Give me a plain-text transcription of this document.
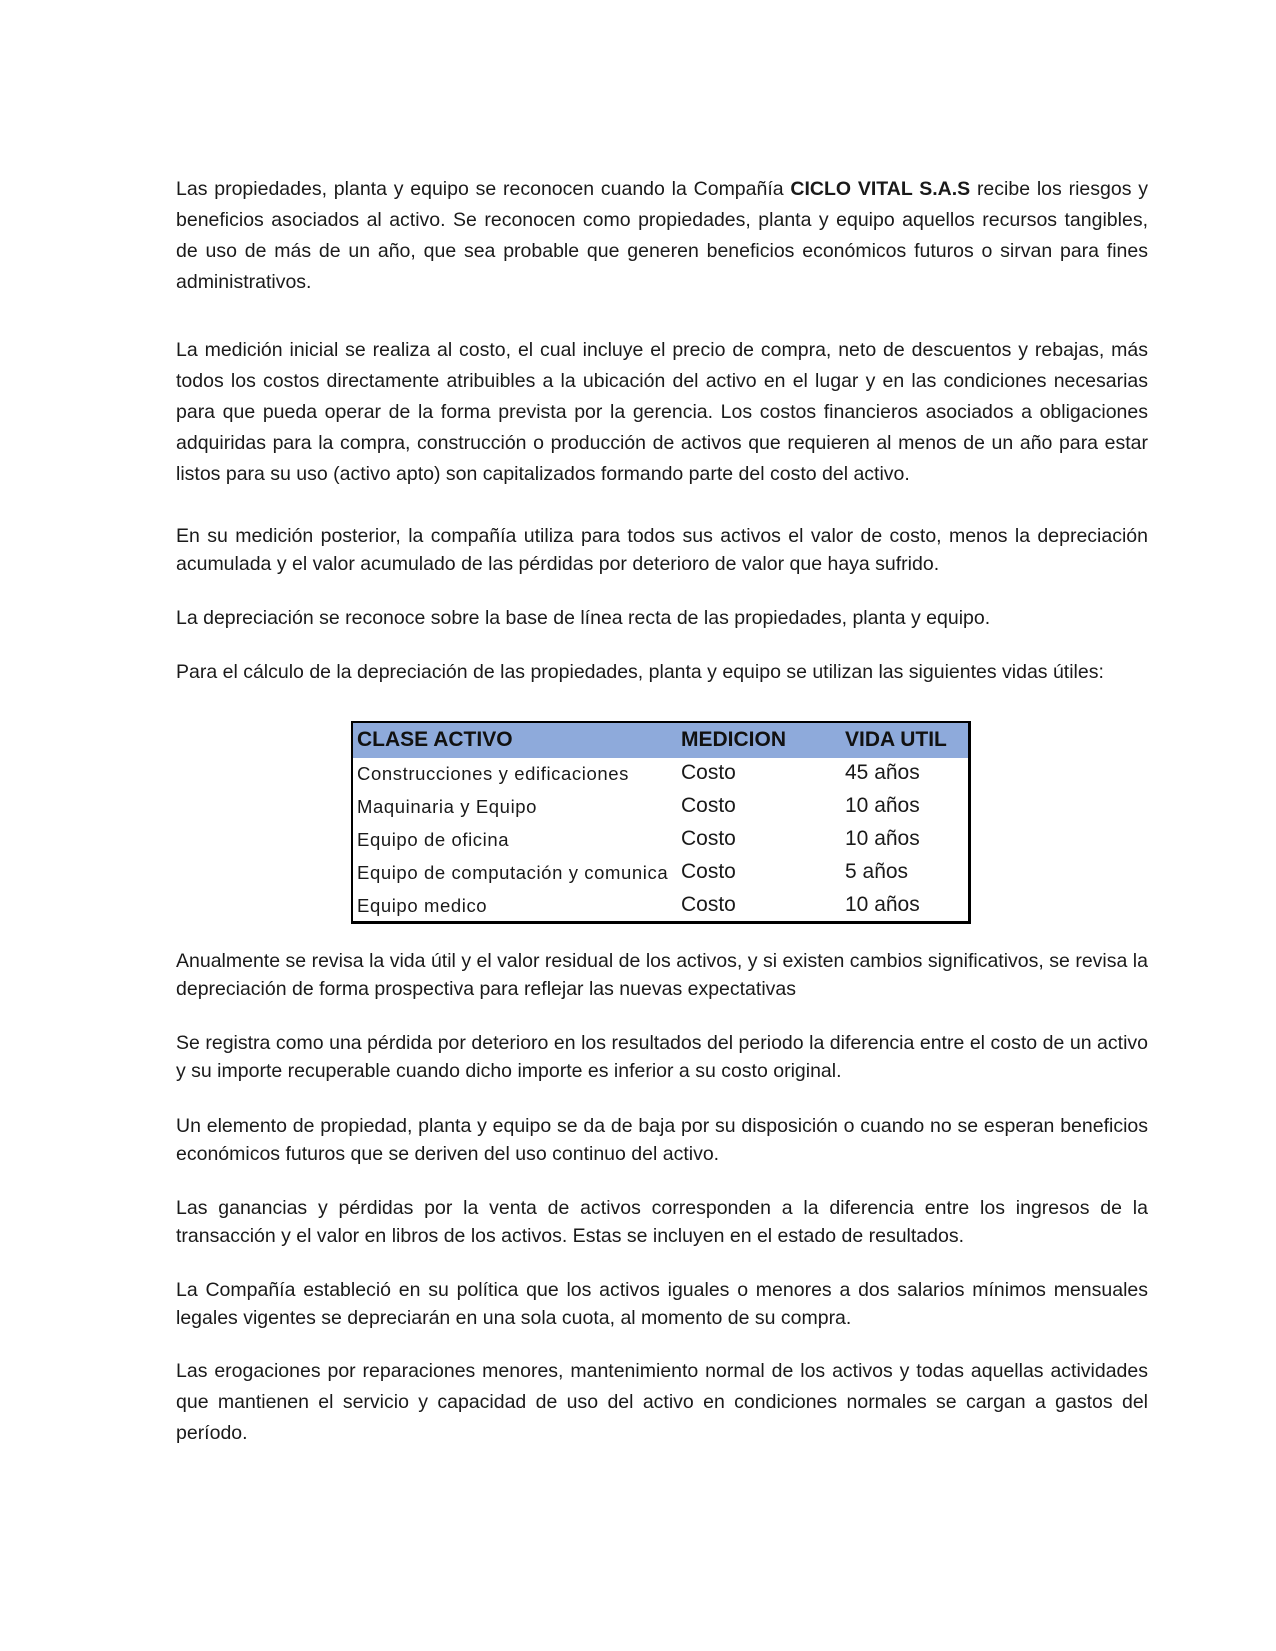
Las propiedades, planta y equipo se reconocen cuando la Compañía CICLO VITAL S.A.S recibe los riesgos y beneficios asociados al activo. Se reconocen como propiedades, planta y equipo aquellos recursos tangibles, de uso de más de un año, que sea probable que generen beneficios económicos futuros o sirvan para fines administrativos.

La medición inicial se realiza al costo, el cual incluye el precio de compra, neto de descuentos y rebajas, más todos los costos directamente atribuibles a la ubicación del activo en el lugar y en las condiciones necesarias para que pueda operar de la forma prevista por la gerencia. Los costos financieros asociados a obligaciones adquiridas para la compra, construcción o producción de activos que requieren al menos de un año para estar listos para su uso (activo apto) son capitalizados formando parte del costo del activo.

En su medición posterior, la compañía utiliza para todos sus activos el valor de costo, menos la depreciación acumulada y el valor acumulado de las pérdidas por deterioro de valor que haya sufrido.

La depreciación se reconoce sobre la base de línea recta de las propiedades, planta y equipo.

Para el cálculo de la depreciación de las propiedades, planta y equipo se utilizan las siguientes vidas útiles:

Anualmente se revisa la vida útil y el valor residual de los activos, y si existen cambios significativos, se revisa la depreciación de forma prospectiva para reflejar las nuevas expectativas

Se registra como una pérdida por deterioro en los resultados del periodo la diferencia entre el costo de un activo y su importe recuperable cuando dicho importe es inferior a su costo original.

Un elemento de propiedad, planta y equipo se da de baja por su disposición o cuando no se esperan beneficios económicos futuros que se deriven del uso continuo del activo.

Las ganancias y pérdidas por la venta de activos corresponden a la diferencia entre los ingresos de la transacción y el valor en libros de los activos. Estas se incluyen en el estado de resultados.

La Compañía estableció en su política que los activos iguales o menores a dos salarios mínimos mensuales legales vigentes se depreciarán en una sola cuota, al momento de su compra.

Las erogaciones por reparaciones menores, mantenimiento normal de los activos y todas aquellas actividades que mantienen el servicio y capacidad de uso del activo en condiciones normales se cargan a gastos del período.

CLASE ACTIVO	MEDICION	VIDA UTIL
Construcciones y edificaciones	Costo	45 años
Maquinaria y Equipo	Costo	10 años
Equipo de oficina	Costo	10 años
Equipo de computación y comunica Costo	5 años
Equipo medico	Costo	10 años
